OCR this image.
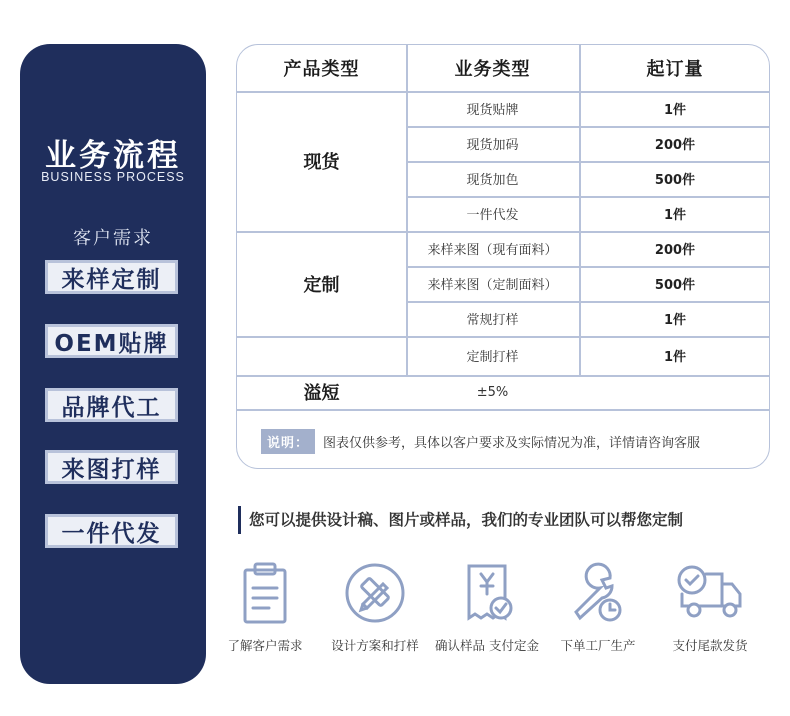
业务流程
BUSINESS PROCESS
客户需求
来样定制
OEM贴牌
品牌代工
来图打样
一件代发
产品类型	业务类型	起订量
现货
现货贴牌	1件
现货加码	200件
现货加色	500件
一件代发	1件
定制
来样来图（现有面料）	200件
来样来图（定制面料）	500件
常规打样	1件
定制打样	1件
溢短	±5%
说明：	图表仅供参考，具体以客户要求及实际情况为准，详情请咨询客服
您可以提供设计稿、图片或样品，我们的专业团队可以帮您定制
了解客户需求	设计方案和打样	确认样品 支付定金	下单工厂生产	支付尾款发货
